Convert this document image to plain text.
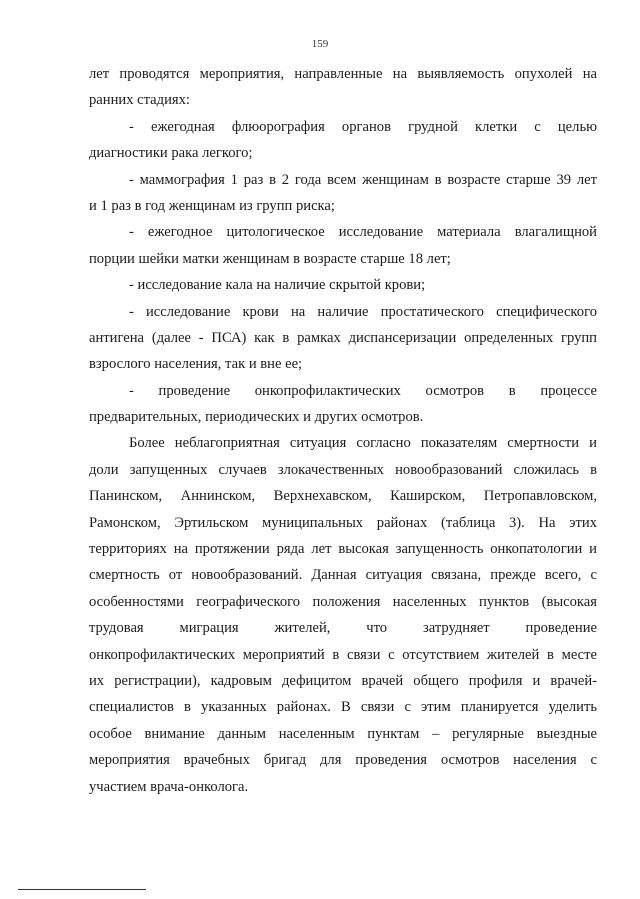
159
лет проводятся мероприятия, направленные на выявляемость опухолей на
ранних стадиях:
- ежегодная флюорография органов грудной клетки с целью
диагностики рака легкого;
- маммография 1 раз в 2 года всем женщинам в возрасте старше 39 лет
и 1 раз в год женщинам из групп риска;
- ежегодное цитологическое исследование материала влагалищной
порции шейки матки женщинам в возрасте старше 18 лет;
- исследование кала на наличие скрытой крови;
- исследование крови на наличие простатического специфического
антигена (далее - ПСА) как в рамках диспансеризации определенных групп
взрослого населения, так и вне ее;
- проведение онкопрофилактических осмотров в процессе
предварительных, периодических и других осмотров.
Более неблагоприятная ситуация согласно показателям смертности и
доли запущенных случаев злокачественных новообразований сложилась в
Панинском, Аннинском, Верхнехавском, Каширском, Петропавловском,
Рамонском, Эртильском муниципальных районах (таблица 3). На этих
территориях на протяжении ряда лет высокая запущенность онкопатологии и
смертность от новообразований. Данная ситуация связана, прежде всего, с
особенностями географического положения населенных пунктов (высокая
трудовая миграция жителей, что затрудняет проведение
онкопрофилактических мероприятий в связи с отсутствием жителей в месте
их регистрации), кадровым дефицитом врачей общего профиля и врачей-
специалистов в указанных районах. В связи с этим планируется уделить
особое внимание данным населенным пунктам – регулярные выездные
мероприятия врачебных бригад для проведения осмотров населения с
участием врача-онколога.
